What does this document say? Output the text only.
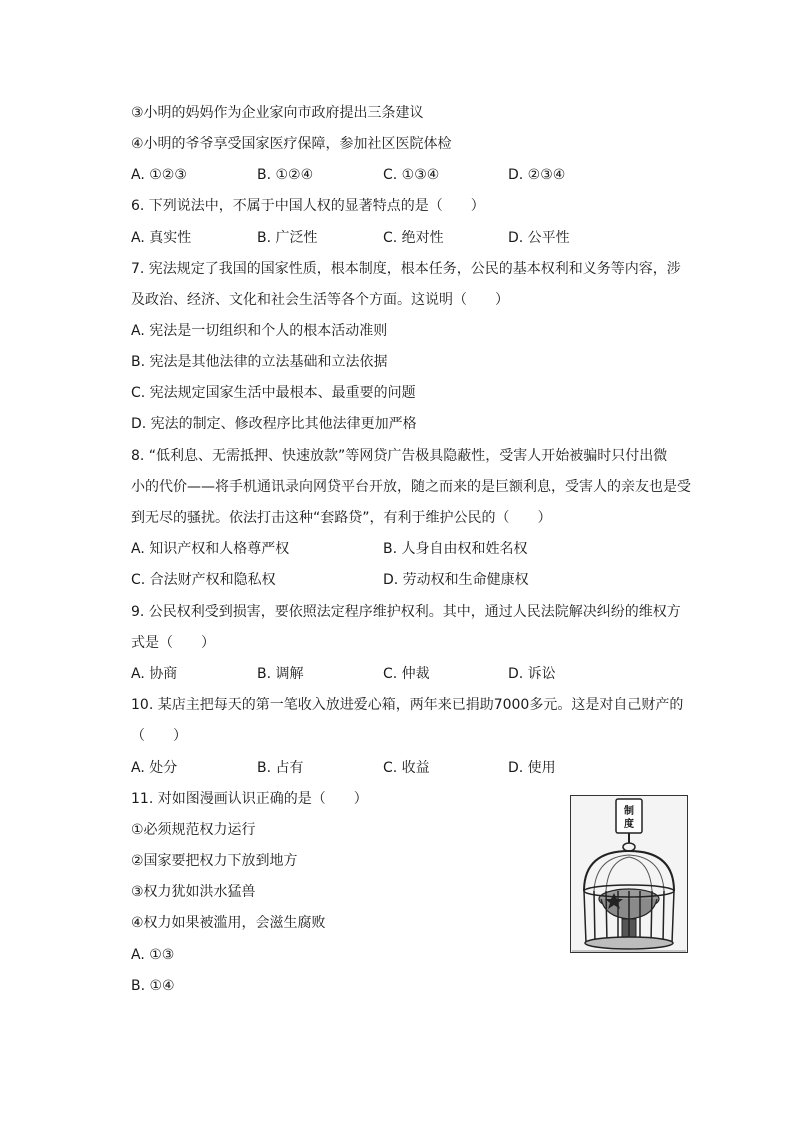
③小明的妈妈作为企业家向市政府提出三条建议
④小明的爷爷享受国家医疗保障，参加社区医院体检
A. ①②③	B. ①②④	C. ①③④	D. ②③④
6. 下列说法中，不属于中国人权的显著特点的是（　　）
A. 真实性	B. 广泛性	C. 绝对性	D. 公平性
7. 宪法规定了我国的国家性质，根本制度，根本任务，公民的基本权利和义务等内容，涉
及政治、经济、文化和社会生活等各个方面。这说明（　　）
A. 宪法是一切组织和个人的根本活动准则
B. 宪法是其他法律的立法基础和立法依据
C. 宪法规定国家生活中最根本、最重要的问题
D. 宪法的制定、修改程序比其他法律更加严格
8. “低利息、无需抵押、快速放款”等网贷广告极具隐蔽性，受害人开始被骗时只付出微
小的代价——将手机通讯录向网贷平台开放，随之而来的是巨额利息，受害人的亲友也是受
到无尽的骚扰。依法打击这种“套路贷”，有利于维护公民的（　　）
A. 知识产权和人格尊严权	B. 人身自由权和姓名权
C. 合法财产权和隐私权	D. 劳动权和生命健康权
9. 公民权利受到损害，要依照法定程序维护权利。其中，通过人民法院解决纠纷的维权方
式是（　　）
A. 协商	B. 调解	C. 仲裁	D. 诉讼
10. 某店主把每天的第一笔收入放进爱心箱，两年来已捐助7000多元。这是对自己财产的
（　　）
A. 处分	B. 占有	C. 收益	D. 使用
11. 对如图漫画认识正确的是（　　）
①必须规范权力运行
②国家要把权力下放到地方
③权力犹如洪水猛兽
④权力如果被滥用，会滋生腐败
A. ①③
B. ①④
制
度
